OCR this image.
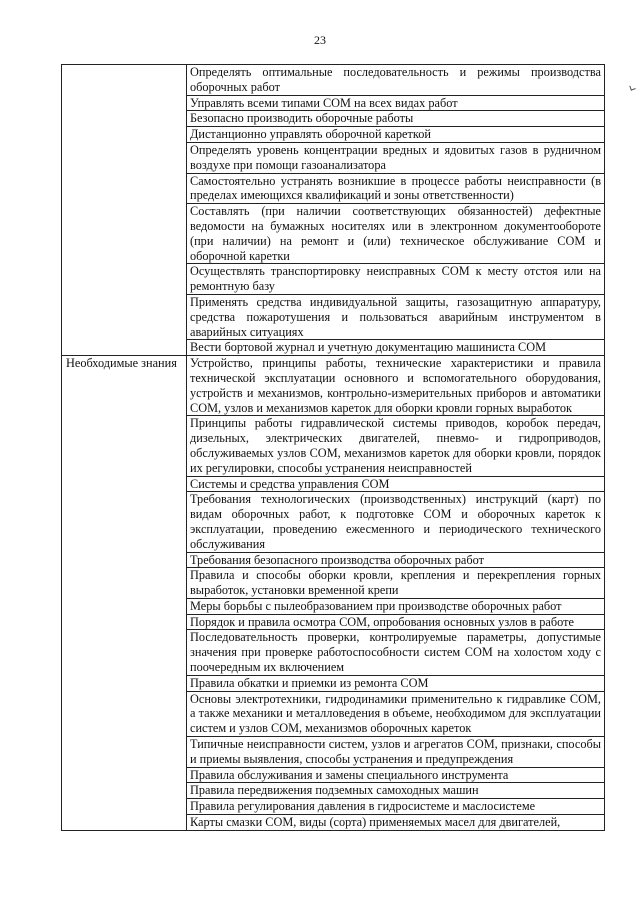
23
	Определять оптимальные последовательность и режимы производства оборочных работ
	Управлять всеми типами СОМ на всех видах работ
	Безопасно производить оборочные работы
	Дистанционно управлять оборочной кареткой
	Определять уровень концентрации вредных и ядовитых газов в рудничном воздухе при помощи газоанализатора
	Самостоятельно устранять возникшие в процессе работы неисправности (в пределах имеющихся квалификаций и зоны ответственности)
	Составлять (при наличии соответствующих обязанностей) дефектные ведомости на бумажных носителях или в электронном документообороте (при наличии) на ремонт и (или) техническое обслуживание СОМ и оборочной каретки
	Осуществлять транспортировку неисправных СОМ к месту отстоя или на ремонтную базу
	Применять средства индивидуальной защиты, газозащитную аппаратуру, средства пожаротушения и пользоваться аварийным инструментом в аварийных ситуациях
	Вести бортовой журнал и учетную документацию машиниста СОМ
Необходимые знания	Устройство, принципы работы, технические характеристики и правила технической эксплуатации основного и вспомогательного оборудования, устройств и механизмов, контрольно-измерительных приборов и автоматики СОМ, узлов и механизмов кареток для оборки кровли горных выработок
	Принципы работы гидравлической системы приводов, коробок передач, дизельных, электрических двигателей, пневмо- и гидроприводов, обслуживаемых узлов СОМ, механизмов кареток для оборки кровли, порядок их регулировки, способы устранения неисправностей
	Системы и средства управления СОМ
	Требования технологических (производственных) инструкций (карт) по видам оборочных работ, к подготовке СОМ и оборочных кареток к эксплуатации, проведению ежесменного и периодического технического обслуживания
	Требования безопасного производства оборочных работ
	Правила и способы оборки кровли, крепления и перекрепления горных выработок, установки временной крепи
	Меры борьбы с пылеобразованием при производстве оборочных работ
	Порядок и правила осмотра СОМ, опробования основных узлов в работе
	Последовательность проверки, контролируемые параметры, допустимые значения при проверке работоспособности систем СОМ на холостом ходу с поочередным их включением
	Правила обкатки и приемки из ремонта СОМ
	Основы электротехники, гидродинамики применительно к гидравлике СОМ, а также механики и металловедения в объеме, необходимом для эксплуатации систем и узлов СОМ, механизмов оборочных кареток
	Типичные неисправности систем, узлов и агрегатов СОМ, признаки, способы и приемы выявления, способы устранения и предупреждения
	Правила обслуживания и замены специального инструмента
	Правила передвижения подземных самоходных машин
	Правила регулирования давления в гидросистеме и маслосистеме
	Карты смазки СОМ, виды (сорта) применяемых масел для двигателей,
